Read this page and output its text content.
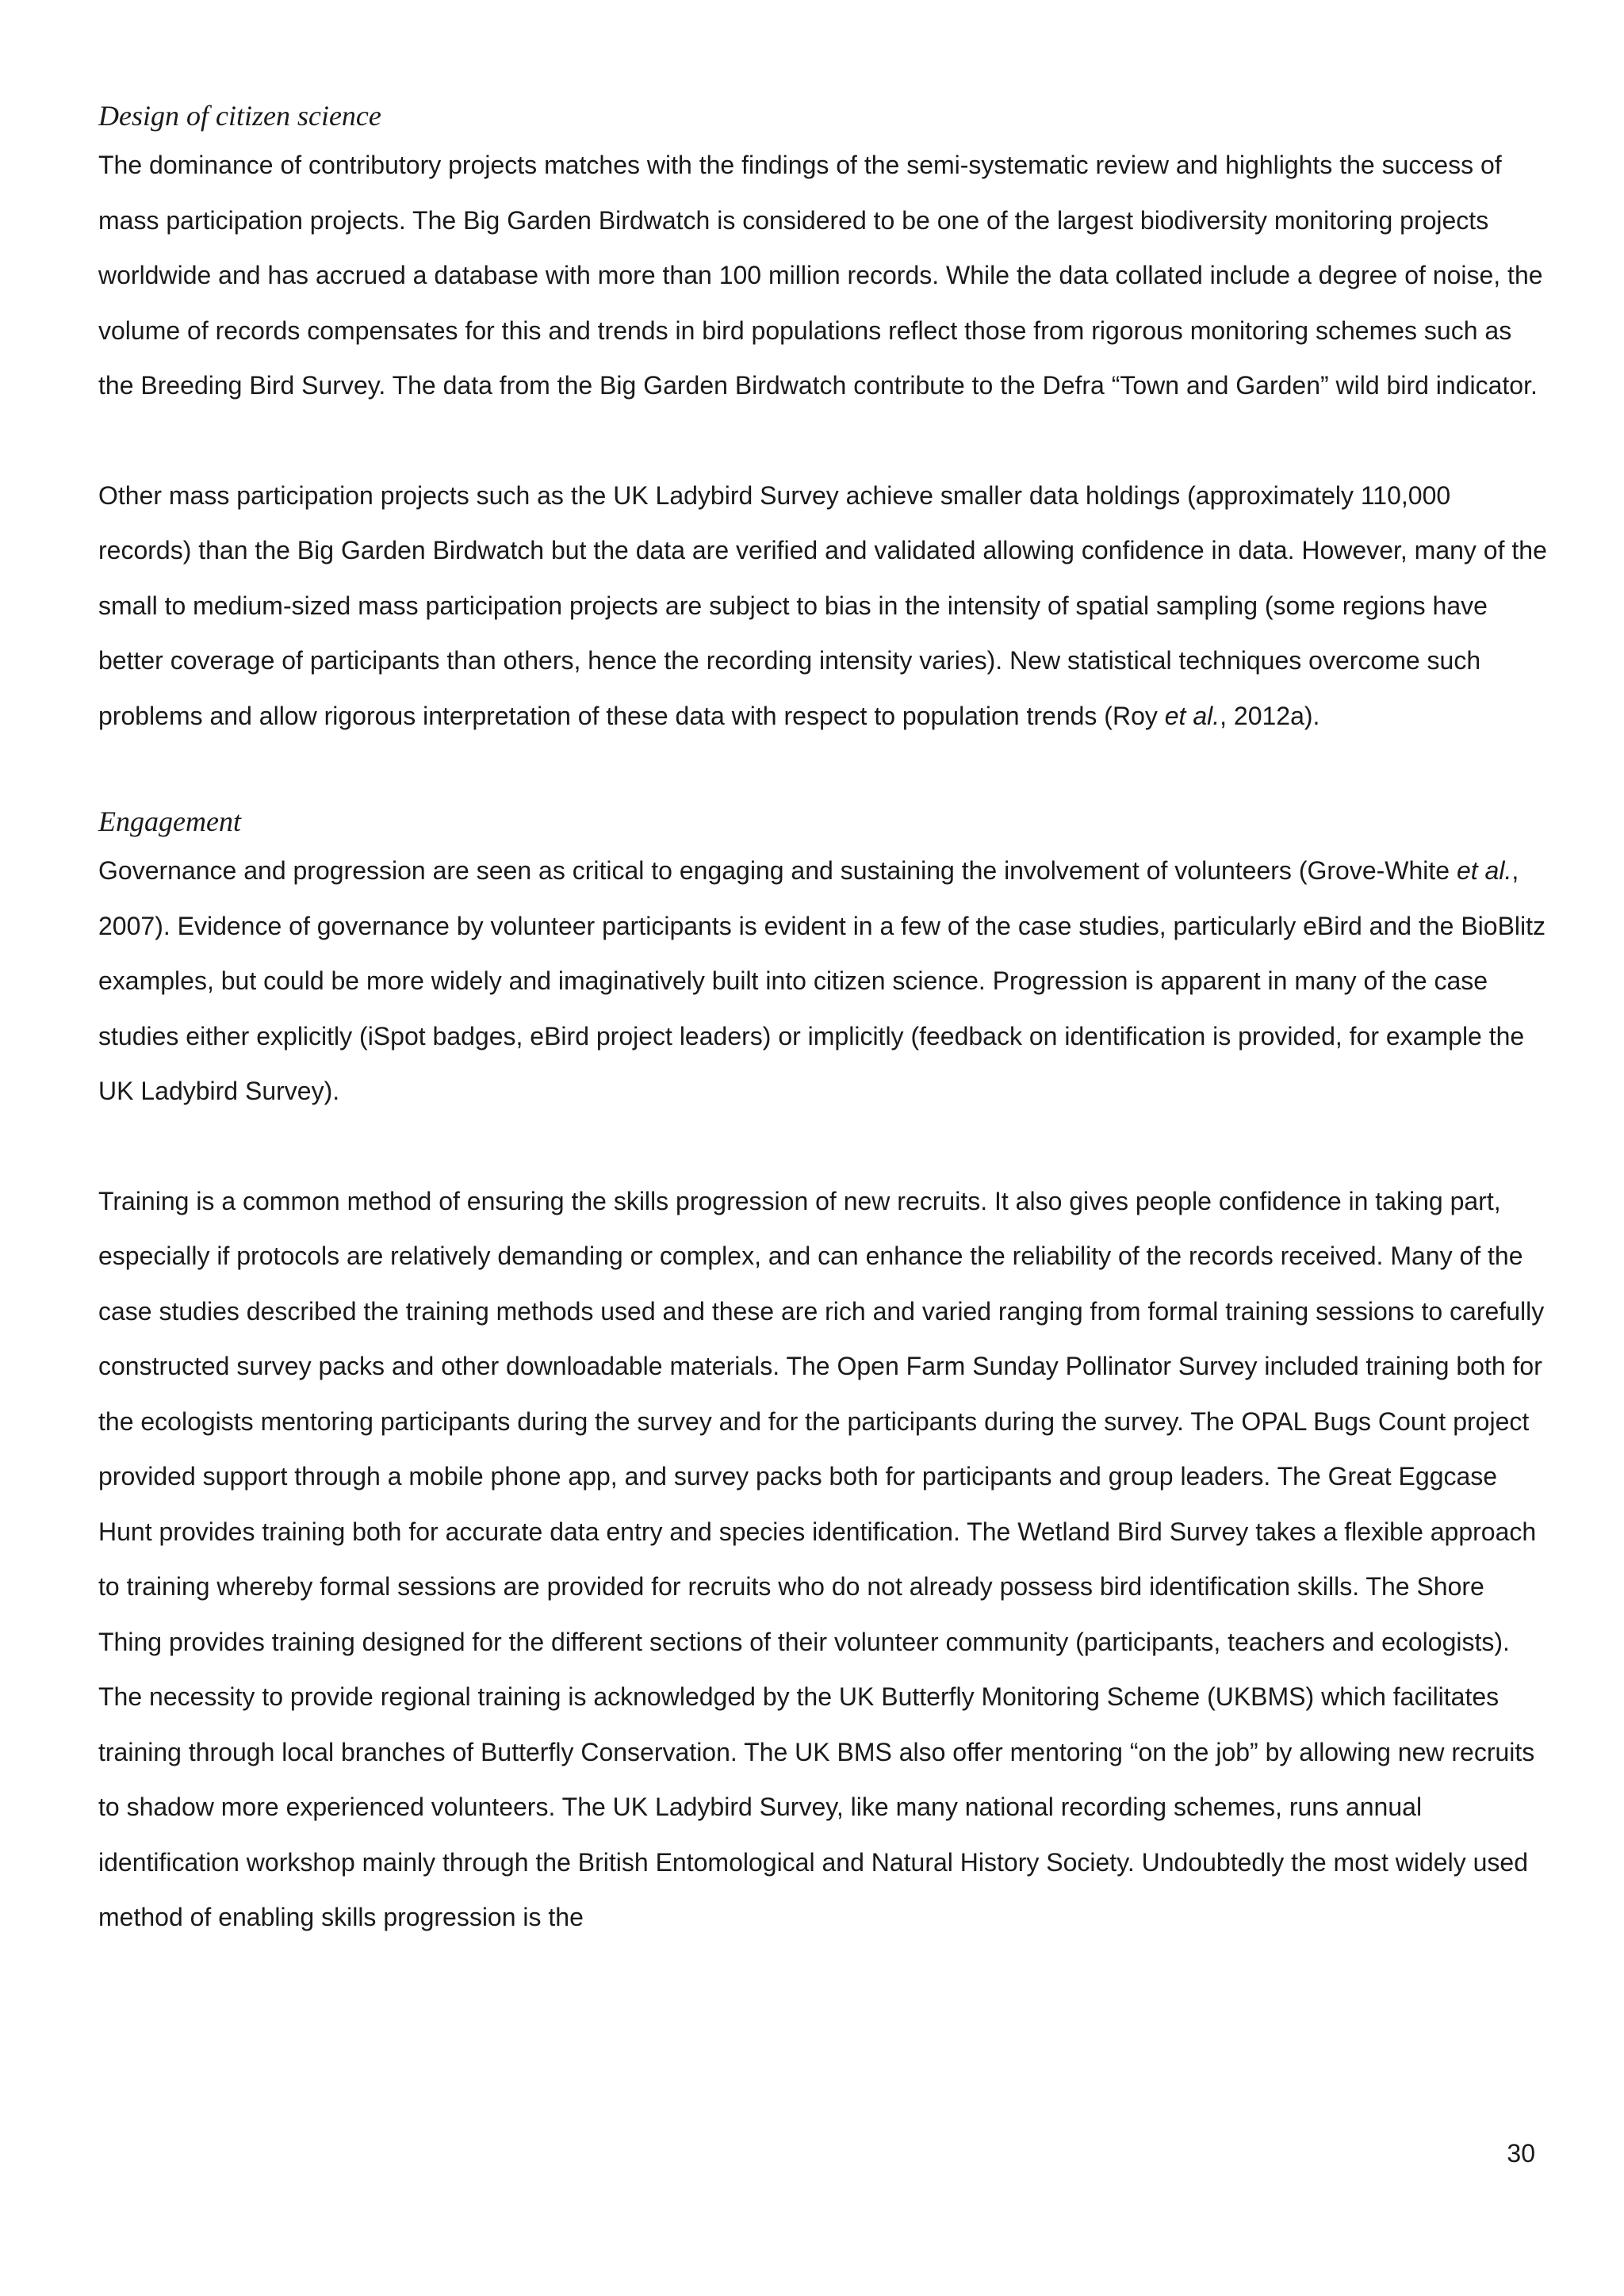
Design of citizen science

The dominance of contributory projects matches with the findings of the semi-systematic review and highlights the success of mass participation projects. The Big Garden Birdwatch is considered to be one of the largest biodiversity monitoring projects worldwide and has accrued a database with more than 100 million records. While the data collated include a degree of noise, the volume of records compensates for this and trends in bird populations reflect those from rigorous monitoring schemes such as the Breeding Bird Survey. The data from the Big Garden Birdwatch contribute to the Defra “Town and Garden” wild bird indicator.

Other mass participation projects such as the UK Ladybird Survey achieve smaller data holdings (approximately 110,000 records) than the Big Garden Birdwatch but the data are verified and validated allowing confidence in data. However, many of the small to medium-sized mass participation projects are subject to bias in the intensity of spatial sampling (some regions have better coverage of participants than others, hence the recording intensity varies). New statistical techniques overcome such problems and allow rigorous interpretation of these data with respect to population trends (Roy et al., 2012a).

Engagement

Governance and progression are seen as critical to engaging and sustaining the involvement of volunteers (Grove-White et al., 2007). Evidence of governance by volunteer participants is evident in a few of the case studies, particularly eBird and the BioBlitz examples, but could be more widely and imaginatively built into citizen science. Progression is apparent in many of the case studies either explicitly (iSpot badges, eBird project leaders) or implicitly (feedback on identification is provided, for example the UK Ladybird Survey).

Training is a common method of ensuring the skills progression of new recruits. It also gives people confidence in taking part, especially if protocols are relatively demanding or complex, and can enhance the reliability of the records received. Many of the case studies described the training methods used and these are rich and varied ranging from formal training sessions to carefully constructed survey packs and other downloadable materials. The Open Farm Sunday Pollinator Survey included training both for the ecologists mentoring participants during the survey and for the participants during the survey. The OPAL Bugs Count project provided support through a mobile phone app, and survey packs both for participants and group leaders. The Great Eggcase Hunt provides training both for accurate data entry and species identification. The Wetland Bird Survey takes a flexible approach to training whereby formal sessions are provided for recruits who do not already possess bird identification skills. The Shore Thing provides training designed for the different sections of their volunteer community (participants, teachers and ecologists). The necessity to provide regional training is acknowledged by the UK Butterfly Monitoring Scheme (UKBMS) which facilitates training through local branches of Butterfly Conservation. The UK BMS also offer mentoring “on the job” by allowing new recruits to shadow more experienced volunteers. The UK Ladybird Survey, like many national recording schemes, runs annual identification workshop mainly through the British Entomological and Natural History Society. Undoubtedly the most widely used method of enabling skills progression is the

30
